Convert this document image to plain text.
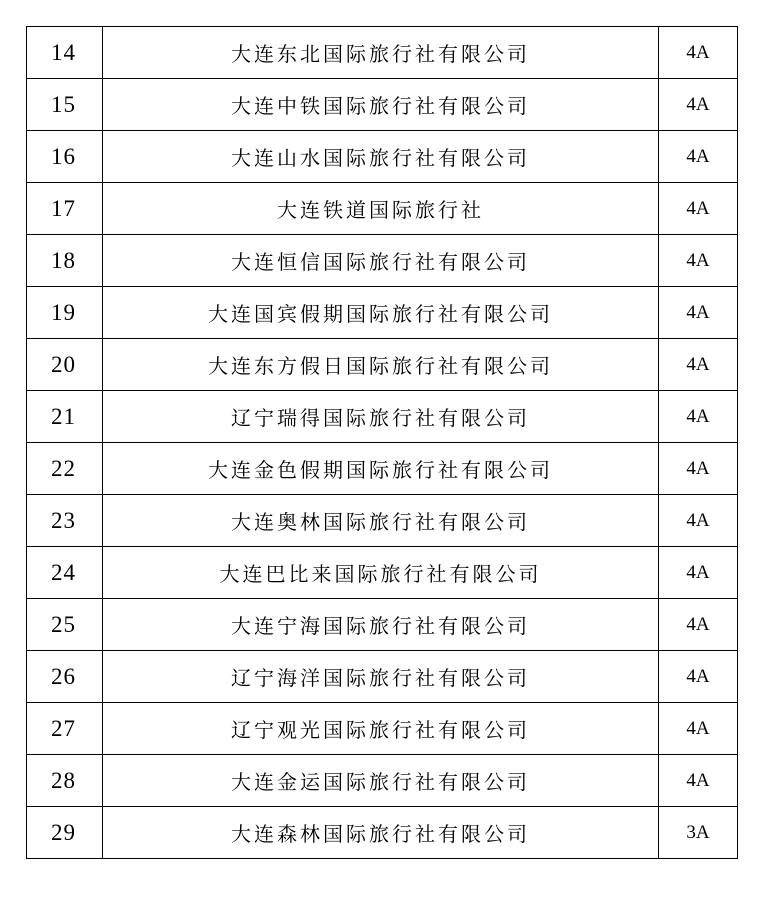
14	大连东北国际旅行社有限公司	4A
15	大连中铁国际旅行社有限公司	4A
16	大连山水国际旅行社有限公司	4A
17	大连铁道国际旅行社	4A
18	大连恒信国际旅行社有限公司	4A
19	大连国宾假期国际旅行社有限公司	4A
20	大连东方假日国际旅行社有限公司	4A
21	辽宁瑞得国际旅行社有限公司	4A
22	大连金色假期国际旅行社有限公司	4A
23	大连奥林国际旅行社有限公司	4A
24	大连巴比来国际旅行社有限公司	4A
25	大连宁海国际旅行社有限公司	4A
26	辽宁海洋国际旅行社有限公司	4A
27	辽宁观光国际旅行社有限公司	4A
28	大连金运国际旅行社有限公司	4A
29	大连森林国际旅行社有限公司	3A
